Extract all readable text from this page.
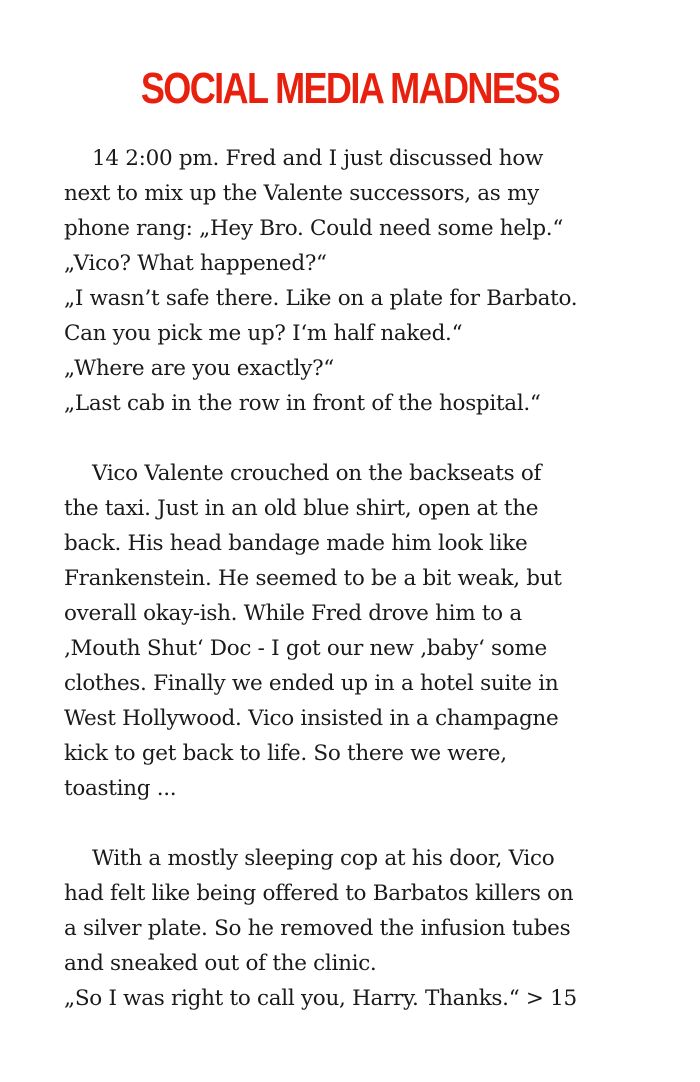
SOCIAL MEDIA MADNESS
14 2:00 pm. Fred and I just discussed how
next to mix up the Valente successors, as my
phone rang: „Hey Bro. Could need some help.“
„Vico? What happened?“
„I wasn’t safe there. Like on a plate for Barbato.
Can you pick me up? I‘m half naked.“
„Where are you exactly?“
„Last cab in the row in front of the hospital.“
Vico Valente crouched on the backseats of
the taxi. Just in an old blue shirt, open at the
back. His head bandage made him look like
Frankenstein. He seemed to be a bit weak, but
overall okay-ish. While Fred drove him to a
‚Mouth Shut‘ Doc - I got our new ‚baby‘ some
clothes. Finally we ended up in a hotel suite in
West Hollywood. Vico insisted in a champagne
kick to get back to life. So there we were,
toasting ...
With a mostly sleeping cop at his door, Vico
had felt like being offered to Barbatos killers on
a silver plate. So he removed the infusion tubes
and sneaked out of the clinic.
„So I was right to call you, Harry. Thanks.“ > 15
